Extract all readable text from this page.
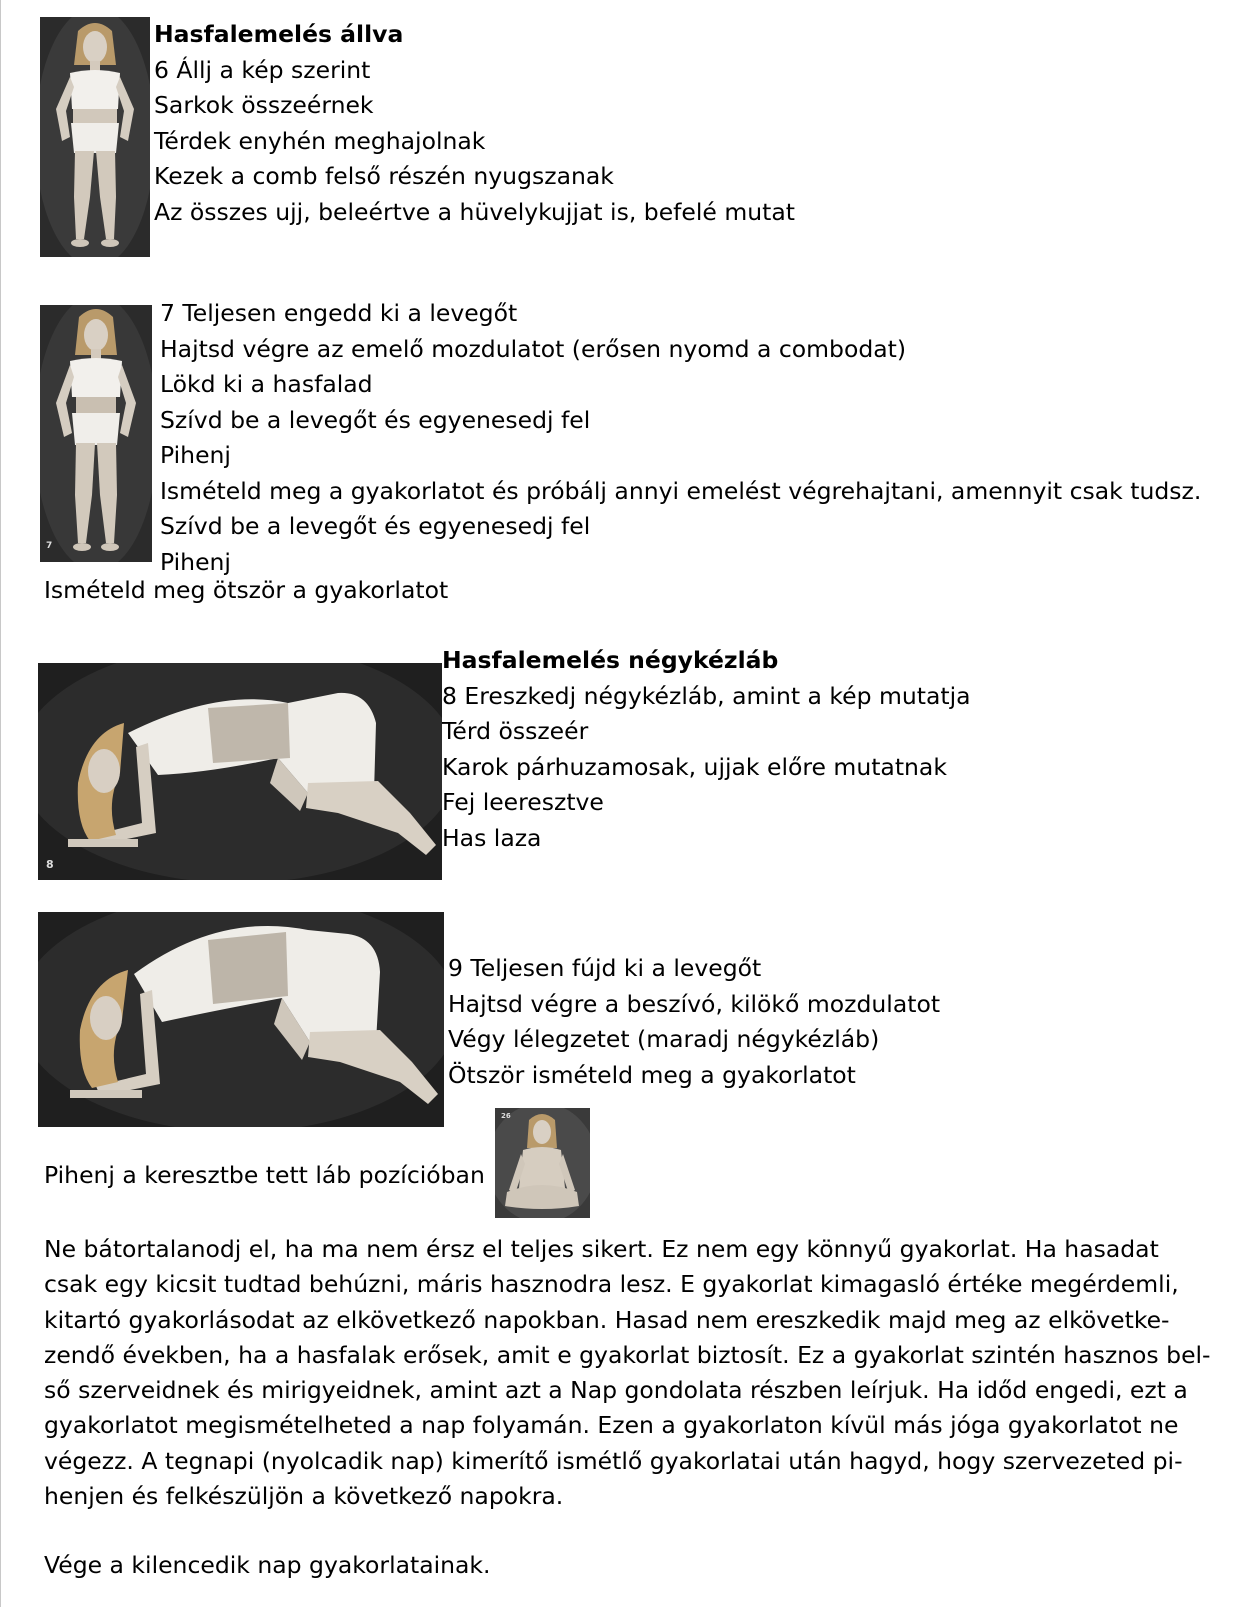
Hasfalemelés állva
6 Állj a kép szerint
Sarkok összeérnek
Térdek enyhén meghajolnak
Kezek a comb felső részén nyugszanak
Az összes ujj, beleértve a hüvelykujjat is, befelé mutat
7
7 Teljesen engedd ki a levegőt
Hajtsd végre az emelő mozdulatot (erősen nyomd a combodat)
Lökd ki a hasfalad
Szívd be a levegőt és egyenesedj fel
Pihenj
Ismételd meg a gyakorlatot és próbálj annyi emelést végrehajtani, amennyit csak tudsz.
Szívd be a levegőt és egyenesedj fel
Pihenj
Ismételd meg ötször a gyakorlatot
8
Hasfalemelés négykézláb
8 Ereszkedj négykézláb, amint a kép mutatja
Térd összeér
Karok párhuzamosak, ujjak előre mutatnak
Fej leeresztve
Has laza
9 Teljesen fújd ki a levegőt
Hajtsd végre a beszívó, kilökő mozdulatot
Végy lélegzetet (maradj négykézláb)
Ötször ismételd meg a gyakorlatot
Pihenj a keresztbe tett láb pozícióban
26
Ne bátortalanodj el, ha ma nem érsz el teljes sikert. Ez nem egy könnyű gyakorlat. Ha hasadat
csak egy kicsit tudtad behúzni, máris hasznodra lesz. E gyakorlat kimagasló értéke megérdemli,
kitartó gyakorlásodat az elkövetkező napokban. Hasad nem ereszkedik majd meg az elkövetke-
zendő években, ha a hasfalak erősek, amit e gyakorlat biztosít. Ez a gyakorlat szintén hasznos bel-
ső szerveidnek és mirigyeidnek, amint azt a Nap gondolata részben leírjuk. Ha időd engedi, ezt a
gyakorlatot megismételheted a nap folyamán. Ezen a gyakorlaton kívül más jóga gyakorlatot ne
végezz. A tegnapi (nyolcadik nap) kimerítő ismétlő gyakorlatai után hagyd, hogy szervezeted pi-
henjen és felkészüljön a következő napokra.
Vége a kilencedik nap gyakorlatainak.
